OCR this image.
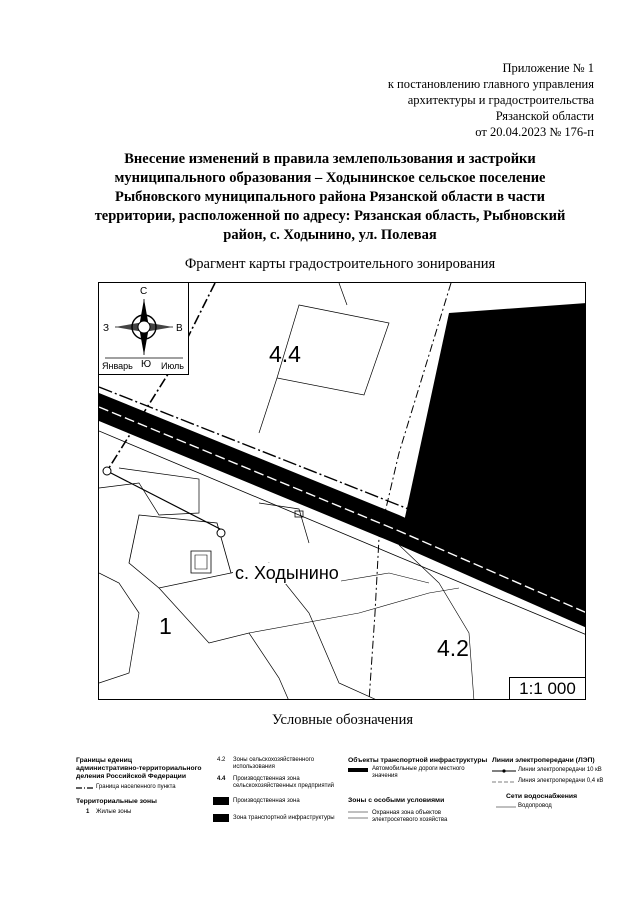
Приложение № 1
к постановлению главного управления
архитектуры и градостроительства
Рязанской области
от 20.04.2023 № 176-п
Внесение изменений в правила землепользования и застройки
муниципального образования – Ходынинское сельское поселение
Рыбновского муниципального района Рязанской области в части
территории, расположенной по адресу: Рязанская область, Рыбновский
район, с. Ходынино, ул. Полевая
Фрагмент карты градостроительного зонирования
С
З	В
Ю
Январь	Июль	4.4
1
4.2
с. Ходынино
1:1 000
Условные обозначения
Границы едениц
административно-территориального
деления Российской Федерации
Граница населенного пункта
Территориальные зоны
1 Жилые зоны
4.2 Зоны сельскохозяйственного
использования
4.4 Производственная зона
сельскохозяйственных предприятий
Производственная зона
Зона транспортной инфраструктуры
Объекты транспортной инфраструктуры
Автомобильные дороги местного
значения
Зоны с особыми условиями
Охранная зона объектов
электросетевого хозяйства
Линии электропередачи (ЛЭП)
Линии электропередачи 10 кВ
Линия электропередачи 0,4 кВ
Сети водоснабжения
Водопровод
